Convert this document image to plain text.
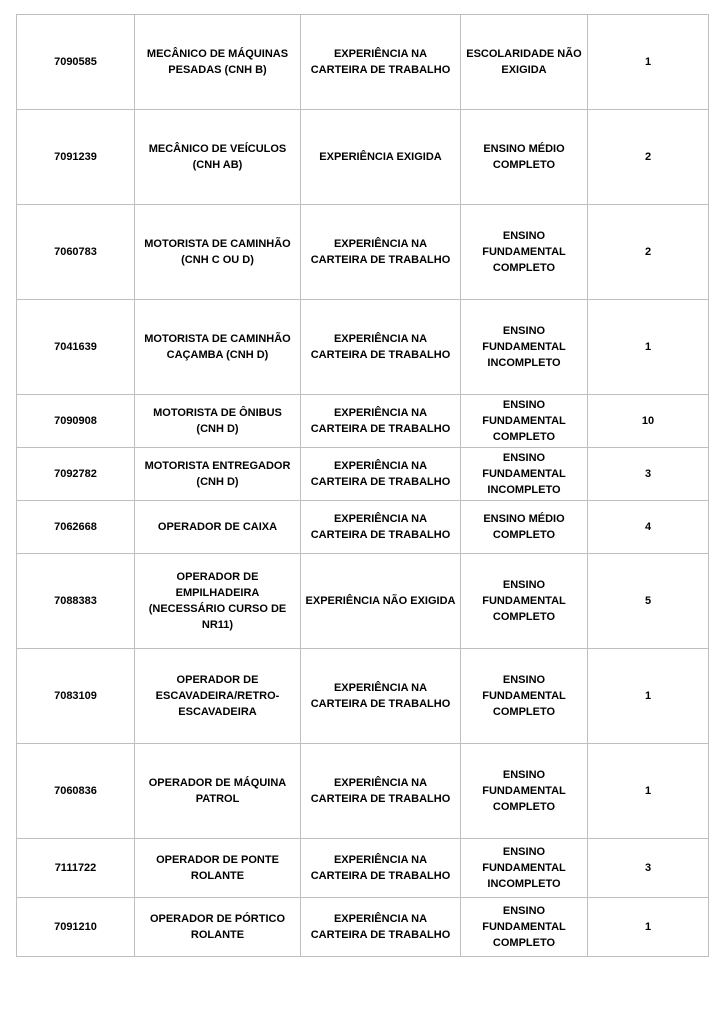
7090585	MECÂNICO DE MÁQUINAS PESADAS (CNH B)	EXPERIÊNCIA NA CARTEIRA DE TRABALHO	ESCOLARIDADE NÃO EXIGIDA	1
7091239	MECÂNICO DE VEÍCULOS (CNH AB)	EXPERIÊNCIA EXIGIDA	ENSINO MÉDIO COMPLETO	2
7060783	MOTORISTA DE CAMINHÃO (CNH C OU D)	EXPERIÊNCIA NA CARTEIRA DE TRABALHO	ENSINO FUNDAMENTAL COMPLETO	2
7041639	MOTORISTA DE CAMINHÃO CAÇAMBA (CNH D)	EXPERIÊNCIA NA CARTEIRA DE TRABALHO	ENSINO FUNDAMENTAL INCOMPLETO	1
7090908	MOTORISTA DE ÔNIBUS (CNH D)	EXPERIÊNCIA NA CARTEIRA DE TRABALHO	ENSINO FUNDAMENTAL COMPLETO	10
7092782	MOTORISTA ENTREGADOR (CNH D)	EXPERIÊNCIA NA CARTEIRA DE TRABALHO	ENSINO FUNDAMENTAL INCOMPLETO	3
7062668	OPERADOR DE CAIXA	EXPERIÊNCIA NA CARTEIRA DE TRABALHO	ENSINO MÉDIO COMPLETO	4
7088383	OPERADOR DE EMPILHADEIRA (NECESSÁRIO CURSO DE NR11)	EXPERIÊNCIA NÃO EXIGIDA	ENSINO FUNDAMENTAL COMPLETO	5
7083109	OPERADOR DE ESCAVADEIRA/RETRO-ESCAVADEIRA	EXPERIÊNCIA NA CARTEIRA DE TRABALHO	ENSINO FUNDAMENTAL COMPLETO	1
7060836	OPERADOR DE MÁQUINA PATROL	EXPERIÊNCIA NA CARTEIRA DE TRABALHO	ENSINO FUNDAMENTAL COMPLETO	1
7111722	OPERADOR DE PONTE ROLANTE	EXPERIÊNCIA NA CARTEIRA DE TRABALHO	ENSINO FUNDAMENTAL INCOMPLETO	3
7091210	OPERADOR DE PÓRTICO ROLANTE	EXPERIÊNCIA NA CARTEIRA DE TRABALHO	ENSINO FUNDAMENTAL COMPLETO	1
